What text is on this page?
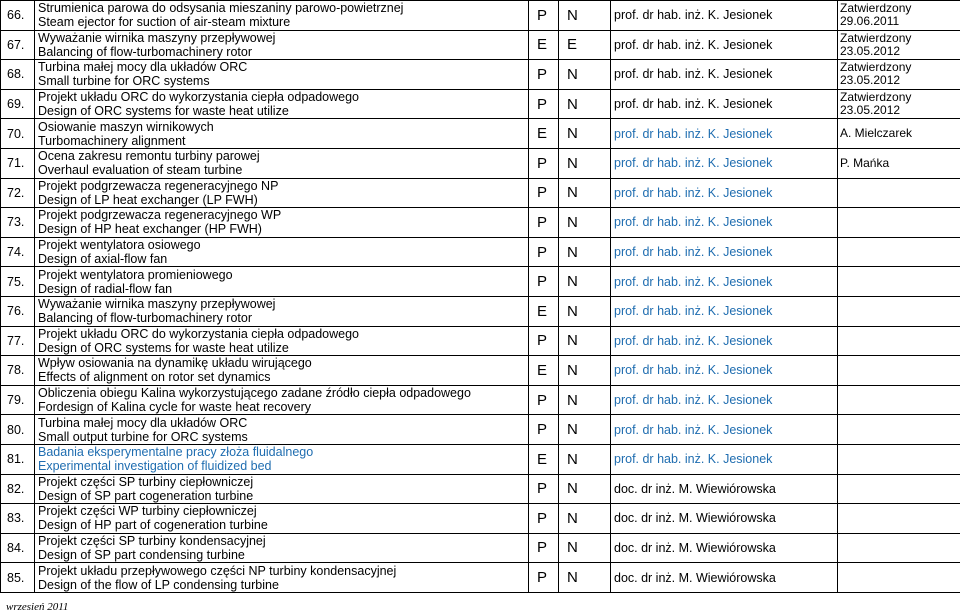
66.	Strumienica parowa do odsysania mieszaniny parowo-powietrznej
Steam ejector for suction of air-steam mixture	P	N	prof. dr hab. inż. K. Jesionek	Zatwierdzony
29.06.2011

67.	Wyważanie wirnika maszyny przepływowej
Balancing of flow-turbomachinery rotor	E	E	prof. dr hab. inż. K. Jesionek	Zatwierdzony
23.05.2012

68.	Turbina małej mocy dla układów ORC
Small turbine for ORC systems	P	N	prof. dr hab. inż. K. Jesionek	Zatwierdzony
23.05.2012

69.	Projekt układu ORC do wykorzystania ciepła odpadowego
Design of ORC systems for waste heat utilize	P	N	prof. dr hab. inż. K. Jesionek	Zatwierdzony
23.05.2012

70.	Osiowanie maszyn wirnikowych
Turbomachinery alignment	E	N	prof. dr hab. inż. K. Jesionek	A. Mielczarek

71.	Ocena zakresu remontu turbiny parowej
Overhaul evaluation of steam turbine	P	N	prof. dr hab. inż. K. Jesionek	P. Mańka

72.	Projekt podgrzewacza regeneracyjnego NP
Design of LP heat exchanger (LP FWH)	P	N	prof. dr hab. inż. K. Jesionek	

73.	Projekt podgrzewacza regeneracyjnego WP
Design of HP heat exchanger (HP FWH)	P	N	prof. dr hab. inż. K. Jesionek	

74.	Projekt wentylatora osiowego
Design of axial-flow fan	P	N	prof. dr hab. inż. K. Jesionek	

75.	Projekt wentylatora promieniowego
Design of radial-flow fan	P	N	prof. dr hab. inż. K. Jesionek	

76.	Wyważanie wirnika maszyny przepływowej
Balancing of flow-turbomachinery rotor	E	N	prof. dr hab. inż. K. Jesionek	

77.	Projekt układu ORC do wykorzystania ciepła odpadowego
Design of ORC systems for waste heat utilize	P	N	prof. dr hab. inż. K. Jesionek	

78.	Wpływ osiowania na dynamikę układu wirującego
Effects of alignment on rotor set dynamics	E	N	prof. dr hab. inż. K. Jesionek	

79.	Obliczenia obiegu Kalina wykorzystującego zadane źródło ciepła odpadowego
Fordesign of Kalina cycle for waste heat recovery	P	N	prof. dr hab. inż. K. Jesionek	

80.	Turbina małej mocy dla układów ORC
Small output turbine for ORC systems	P	N	prof. dr hab. inż. K. Jesionek	

81.	Badania eksperymentalne pracy złoża fluidalnego
Experimental investigation of fluidized bed	E	N	prof. dr hab. inż. K. Jesionek	

82.	Projekt części SP turbiny ciepłowniczej
Design of SP part cogeneration turbine	P	N	doc. dr inż. M. Wiewiórowska	

83.	Projekt części WP turbiny ciepłowniczej
Design of HP part of cogeneration turbine	P	N	doc. dr inż. M. Wiewiórowska	

84.	Projekt części SP turbiny kondensacyjnej
Design of SP part condensing turbine	P	N	doc. dr inż. M. Wiewiórowska	

85.	Projekt układu przepływowego części NP turbiny kondensacyjnej
Design of the flow of LP condensing turbine	P	N	doc. dr inż. M. Wiewiórowska	
wrzesień 2011
